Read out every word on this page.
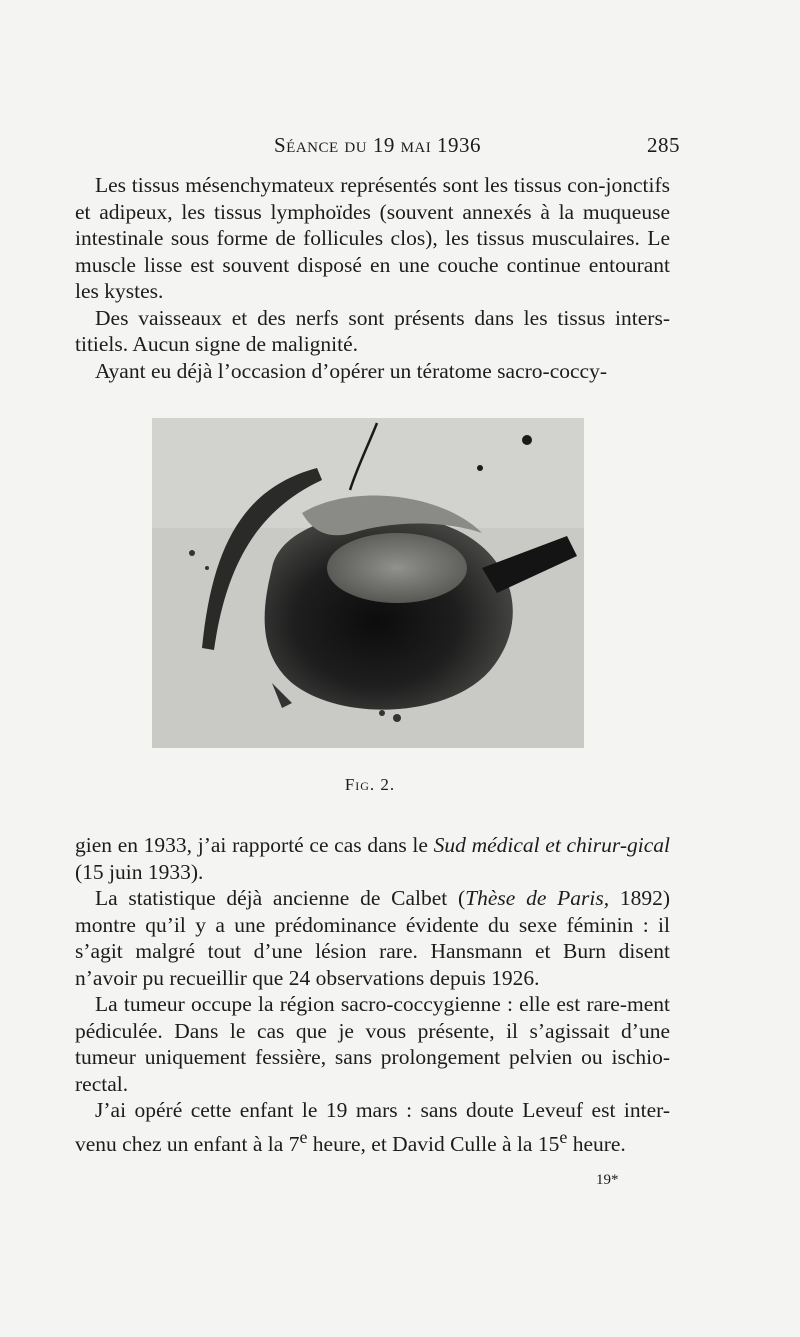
Séance du 19 mai 1936	285

Les tissus mésenchymateux représentés sont les tissus con-jonctifs et adipeux, les tissus lymphoïdes (souvent annexés à la muqueuse intestinale sous forme de follicules clos), les tissus musculaires. Le muscle lisse est souvent disposé en une couche continue entourant les kystes.

Des vaisseaux et des nerfs sont présents dans les tissus inters-titiels. Aucun signe de malignité.

Ayant eu déjà l’occasion d’opérer un tératome sacro-coccy-

Fig. 2.

gien en 1933, j’ai rapporté ce cas dans le Sud médical et chirur-gical (15 juin 1933).

La statistique déjà ancienne de Calbet (Thèse de Paris, 1892) montre qu’il y a une prédominance évidente du sexe féminin : il s’agit malgré tout d’une lésion rare. Hansmann et Burn disent n’avoir pu recueillir que 24 observations depuis 1926.

La tumeur occupe la région sacro-coccygienne : elle est rare-ment pédiculée. Dans le cas que je vous présente, il s’agissait d’une tumeur uniquement fessière, sans prolongement pelvien ou ischio-rectal.

J’ai opéré cette enfant le 19 mars : sans doute Leveuf est inter-venu chez un enfant à la 7e heure, et David Culle à la 15e heure.

19*
